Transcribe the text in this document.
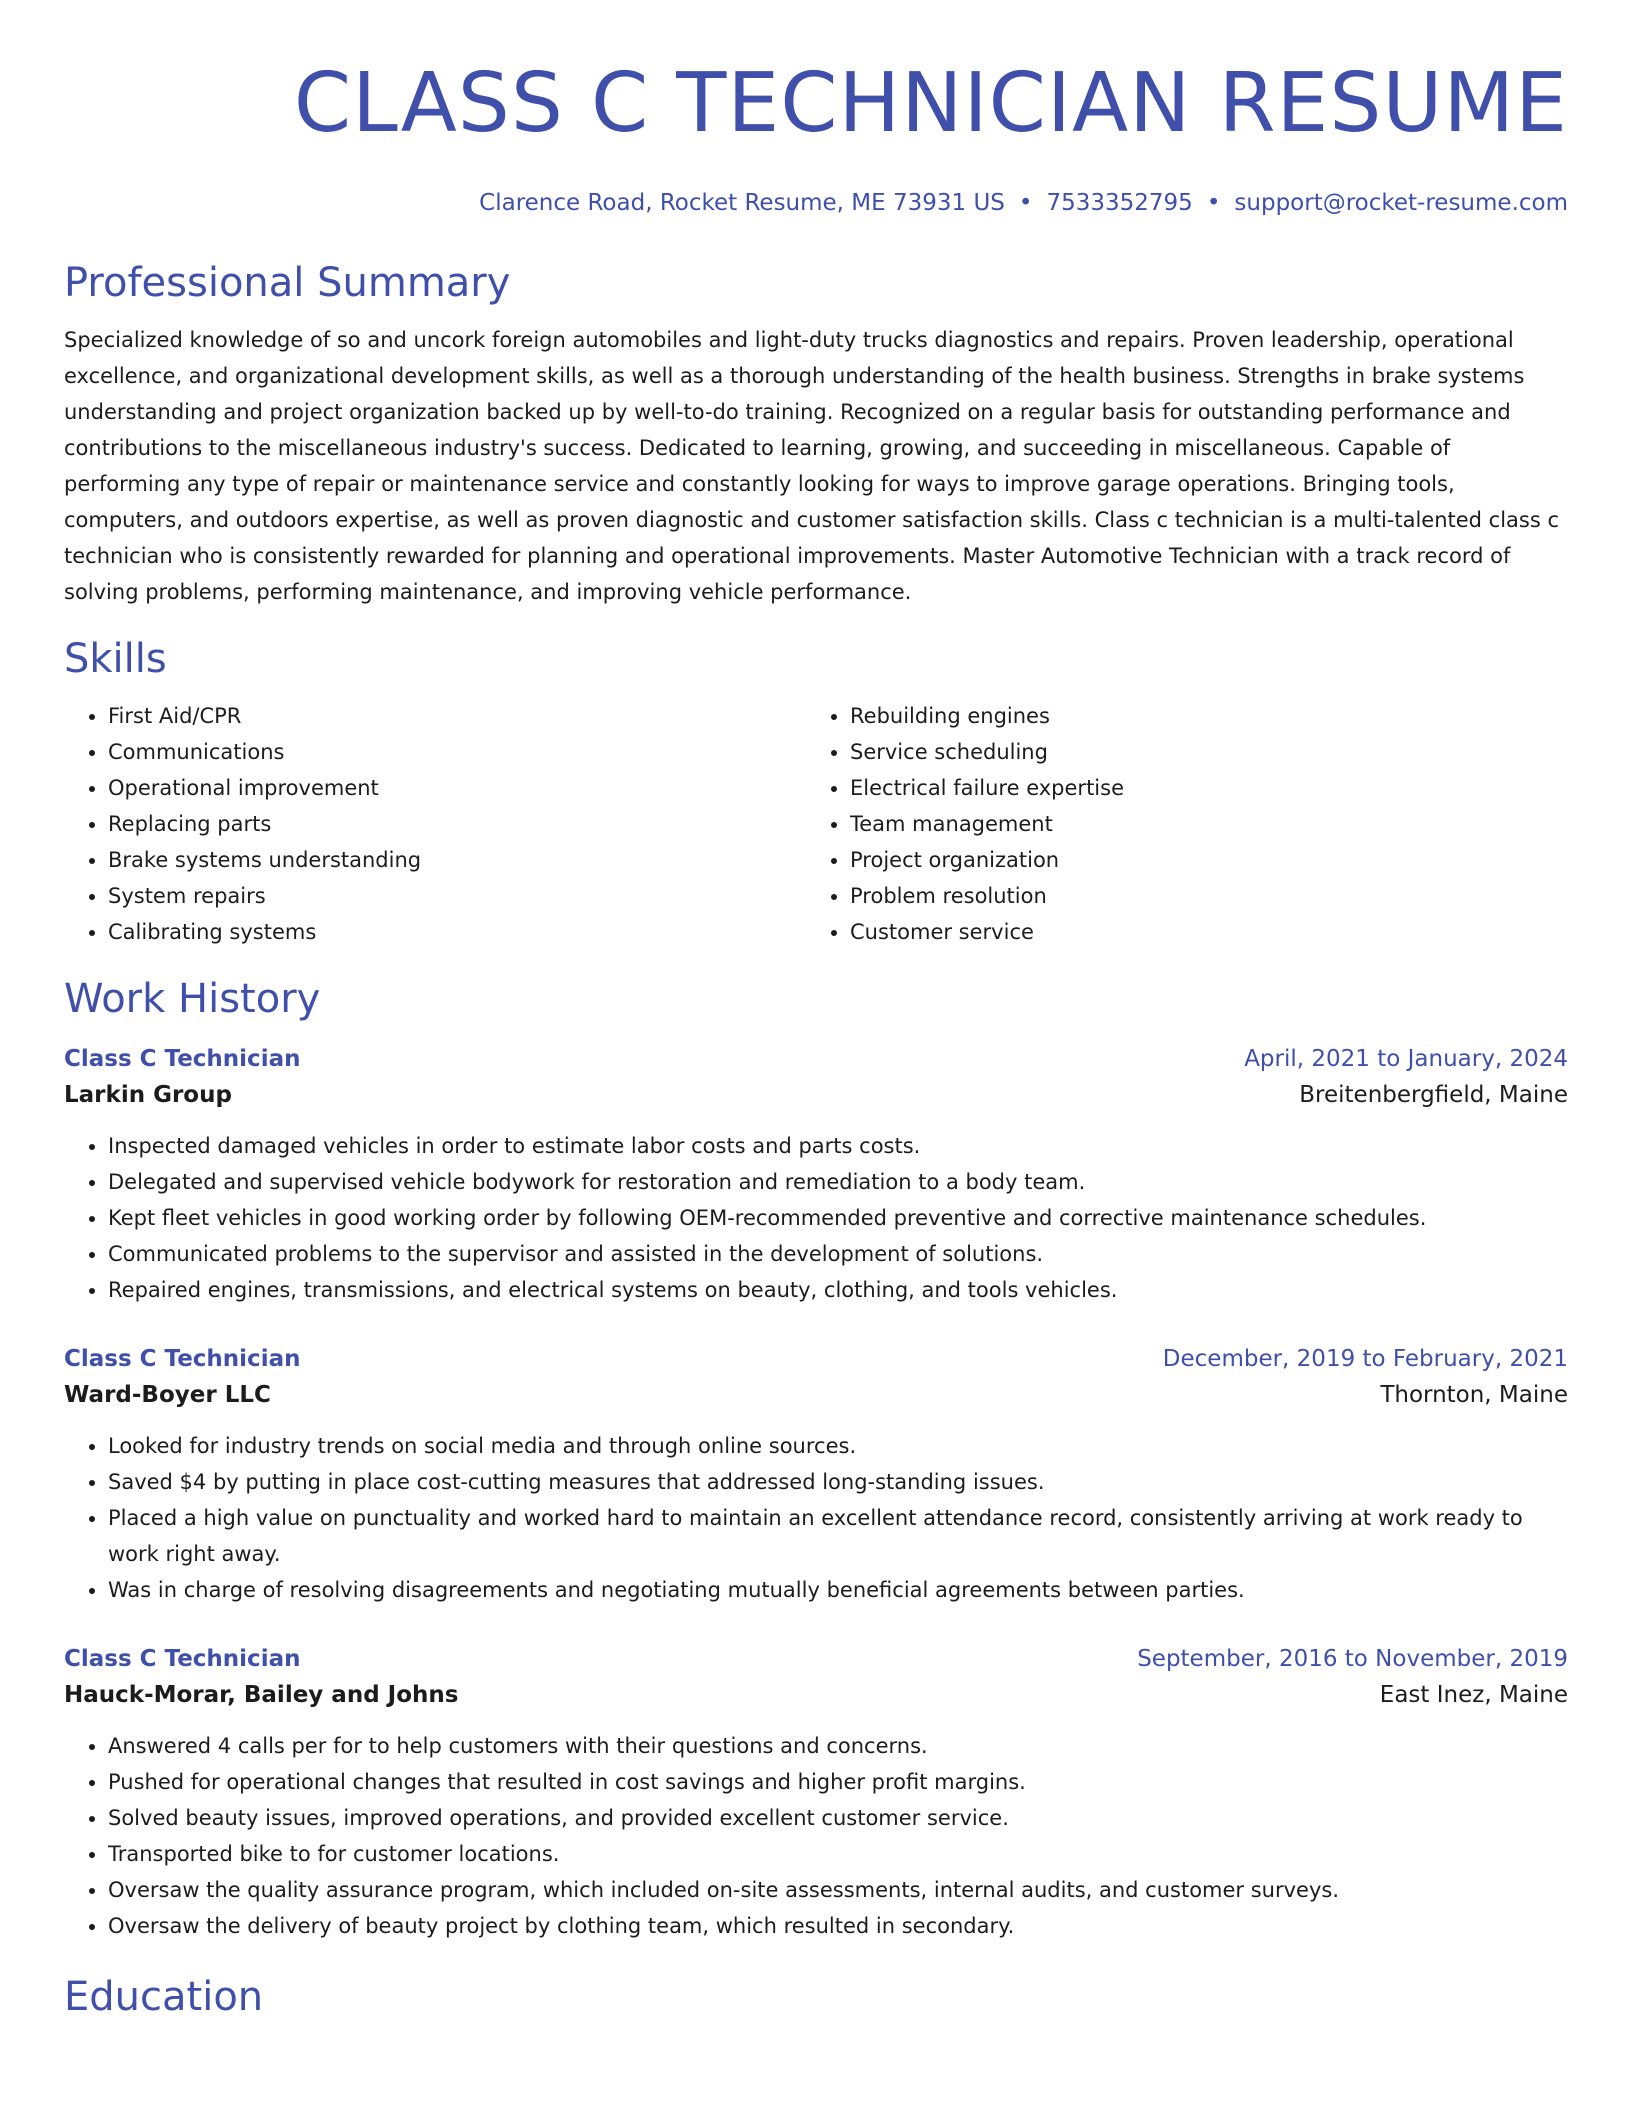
CLASS C TECHNICIAN RESUME
Clarence Road, Rocket Resume, ME 73931 US • 7533352795 • support@rocket-resume.com
Professional Summary

Specialized knowledge of so and uncork foreign automobiles and light-duty trucks diagnostics and repairs. Proven leadership, operational excellence, and organizational development skills, as well as a thorough understanding of the health business. Strengths in brake systems understanding and project organization backed up by well-to-do training. Recognized on a regular basis for outstanding performance and contributions to the miscellaneous industry's success. Dedicated to learning, growing, and succeeding in miscellaneous. Capable of performing any type of repair or maintenance service and constantly looking for ways to improve garage operations. Bringing tools, computers, and outdoors expertise, as well as proven diagnostic and customer satisfaction skills. Class c technician is a multi-talented class c technician who is consistently rewarded for planning and operational improvements. Master Automotive Technician with a track record of solving problems, performing maintenance, and improving vehicle performance.

Skills
• First Aid/CPR
• Communications
• Operational improvement
• Replacing parts
• Brake systems understanding
• System repairs
• Calibrating systems
• Rebuilding engines
• Service scheduling
• Electrical failure expertise
• Team management
• Project organization
• Problem resolution
• Customer service
Work History
Class C Technician	April, 2021 to January, 2024
Larkin Group	Breitenbergfield, Maine
• Inspected damaged vehicles in order to estimate labor costs and parts costs.
• Delegated and supervised vehicle bodywork for restoration and remediation to a body team.
• Kept fleet vehicles in good working order by following OEM-recommended preventive and corrective maintenance schedules.
• Communicated problems to the supervisor and assisted in the development of solutions.
• Repaired engines, transmissions, and electrical systems on beauty, clothing, and tools vehicles.
Class C Technician	December, 2019 to February, 2021
Ward-Boyer LLC	Thornton, Maine
• Looked for industry trends on social media and through online sources.
• Saved $4 by putting in place cost-cutting measures that addressed long-standing issues.
• Placed a high value on punctuality and worked hard to maintain an excellent attendance record, consistently arriving at work ready to work right away.
• Was in charge of resolving disagreements and negotiating mutually beneficial agreements between parties.
Class C Technician	September, 2016 to November, 2019
Hauck-Morar, Bailey and Johns	East Inez, Maine
• Answered 4 calls per for to help customers with their questions and concerns.
• Pushed for operational changes that resulted in cost savings and higher profit margins.
• Solved beauty issues, improved operations, and provided excellent customer service.
• Transported bike to for customer locations.
• Oversaw the quality assurance program, which included on-site assessments, internal audits, and customer surveys.
• Oversaw the delivery of beauty project by clothing team, which resulted in secondary.
Education
